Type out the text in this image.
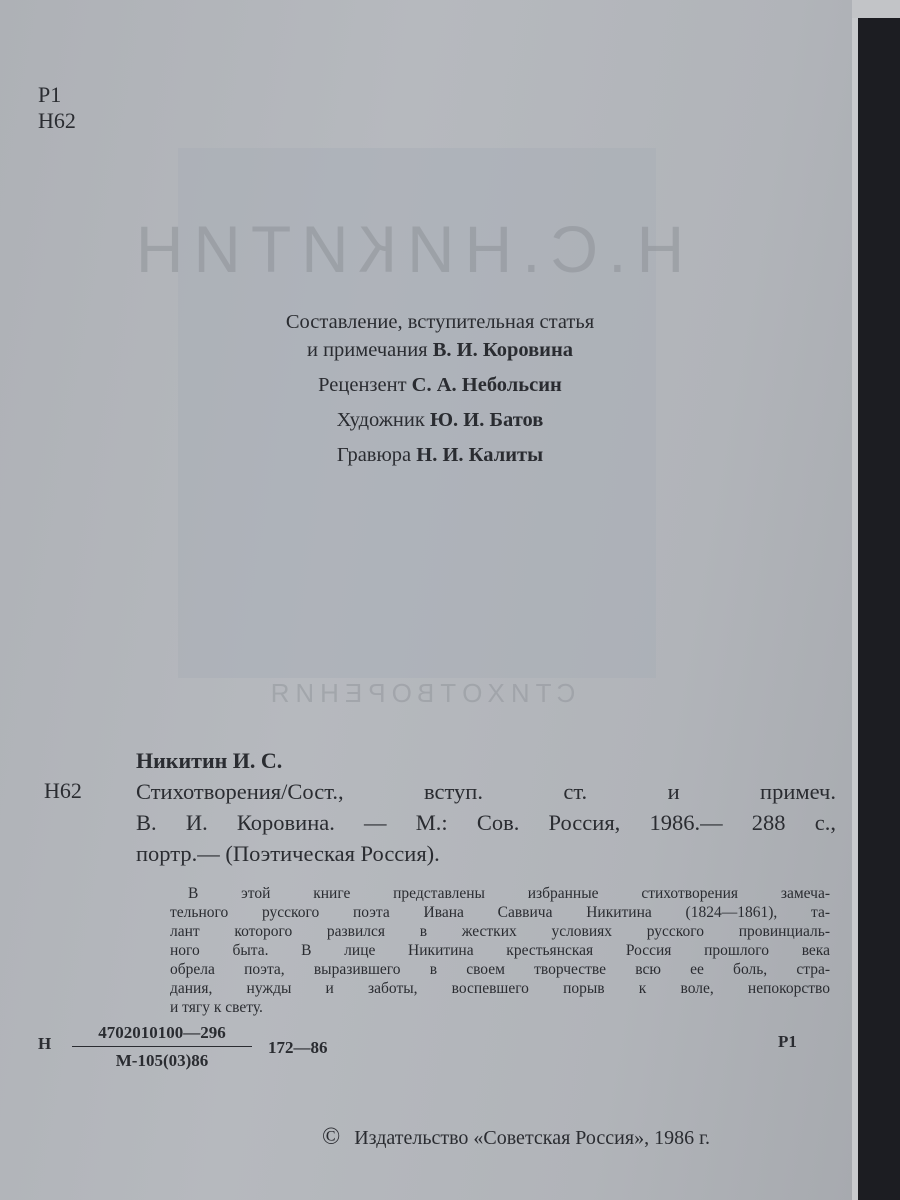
Н.С.НИКИТИН
СТИХОТВОРЕНИЯ
Р1
Н62
Составление, вступительная статья
и примечания В. И. Коровина
Рецензент С. А. Небольсин
Художник Ю. И. Батов
Гравюра Н. И. Калиты
Никитин И. С.
Н62 Стихотворения/Сост., вступ. ст. и примеч.
В. И. Коровина. — М.: Сов. Россия, 1986.— 288 с.,
портр.— (Поэтическая Россия).
В этой книге представлены избранные стихотворения замеча-
тельного русского поэта Ивана Саввича Никитина (1824—1861), та-
лант которого развился в жестких условиях русского провинциаль-
ного быта. В лице Никитина крестьянская Россия прошлого века
обрела поэта, выразившего в своем творчестве всю ее боль, стра-
дания, нужды и заботы, воспевшего порыв к воле, непокорство
и тягу к свету.
Н
4702010100—296
М-105(03)86
172—86	Р1
© Издательство «Советская Россия», 1986 г.
